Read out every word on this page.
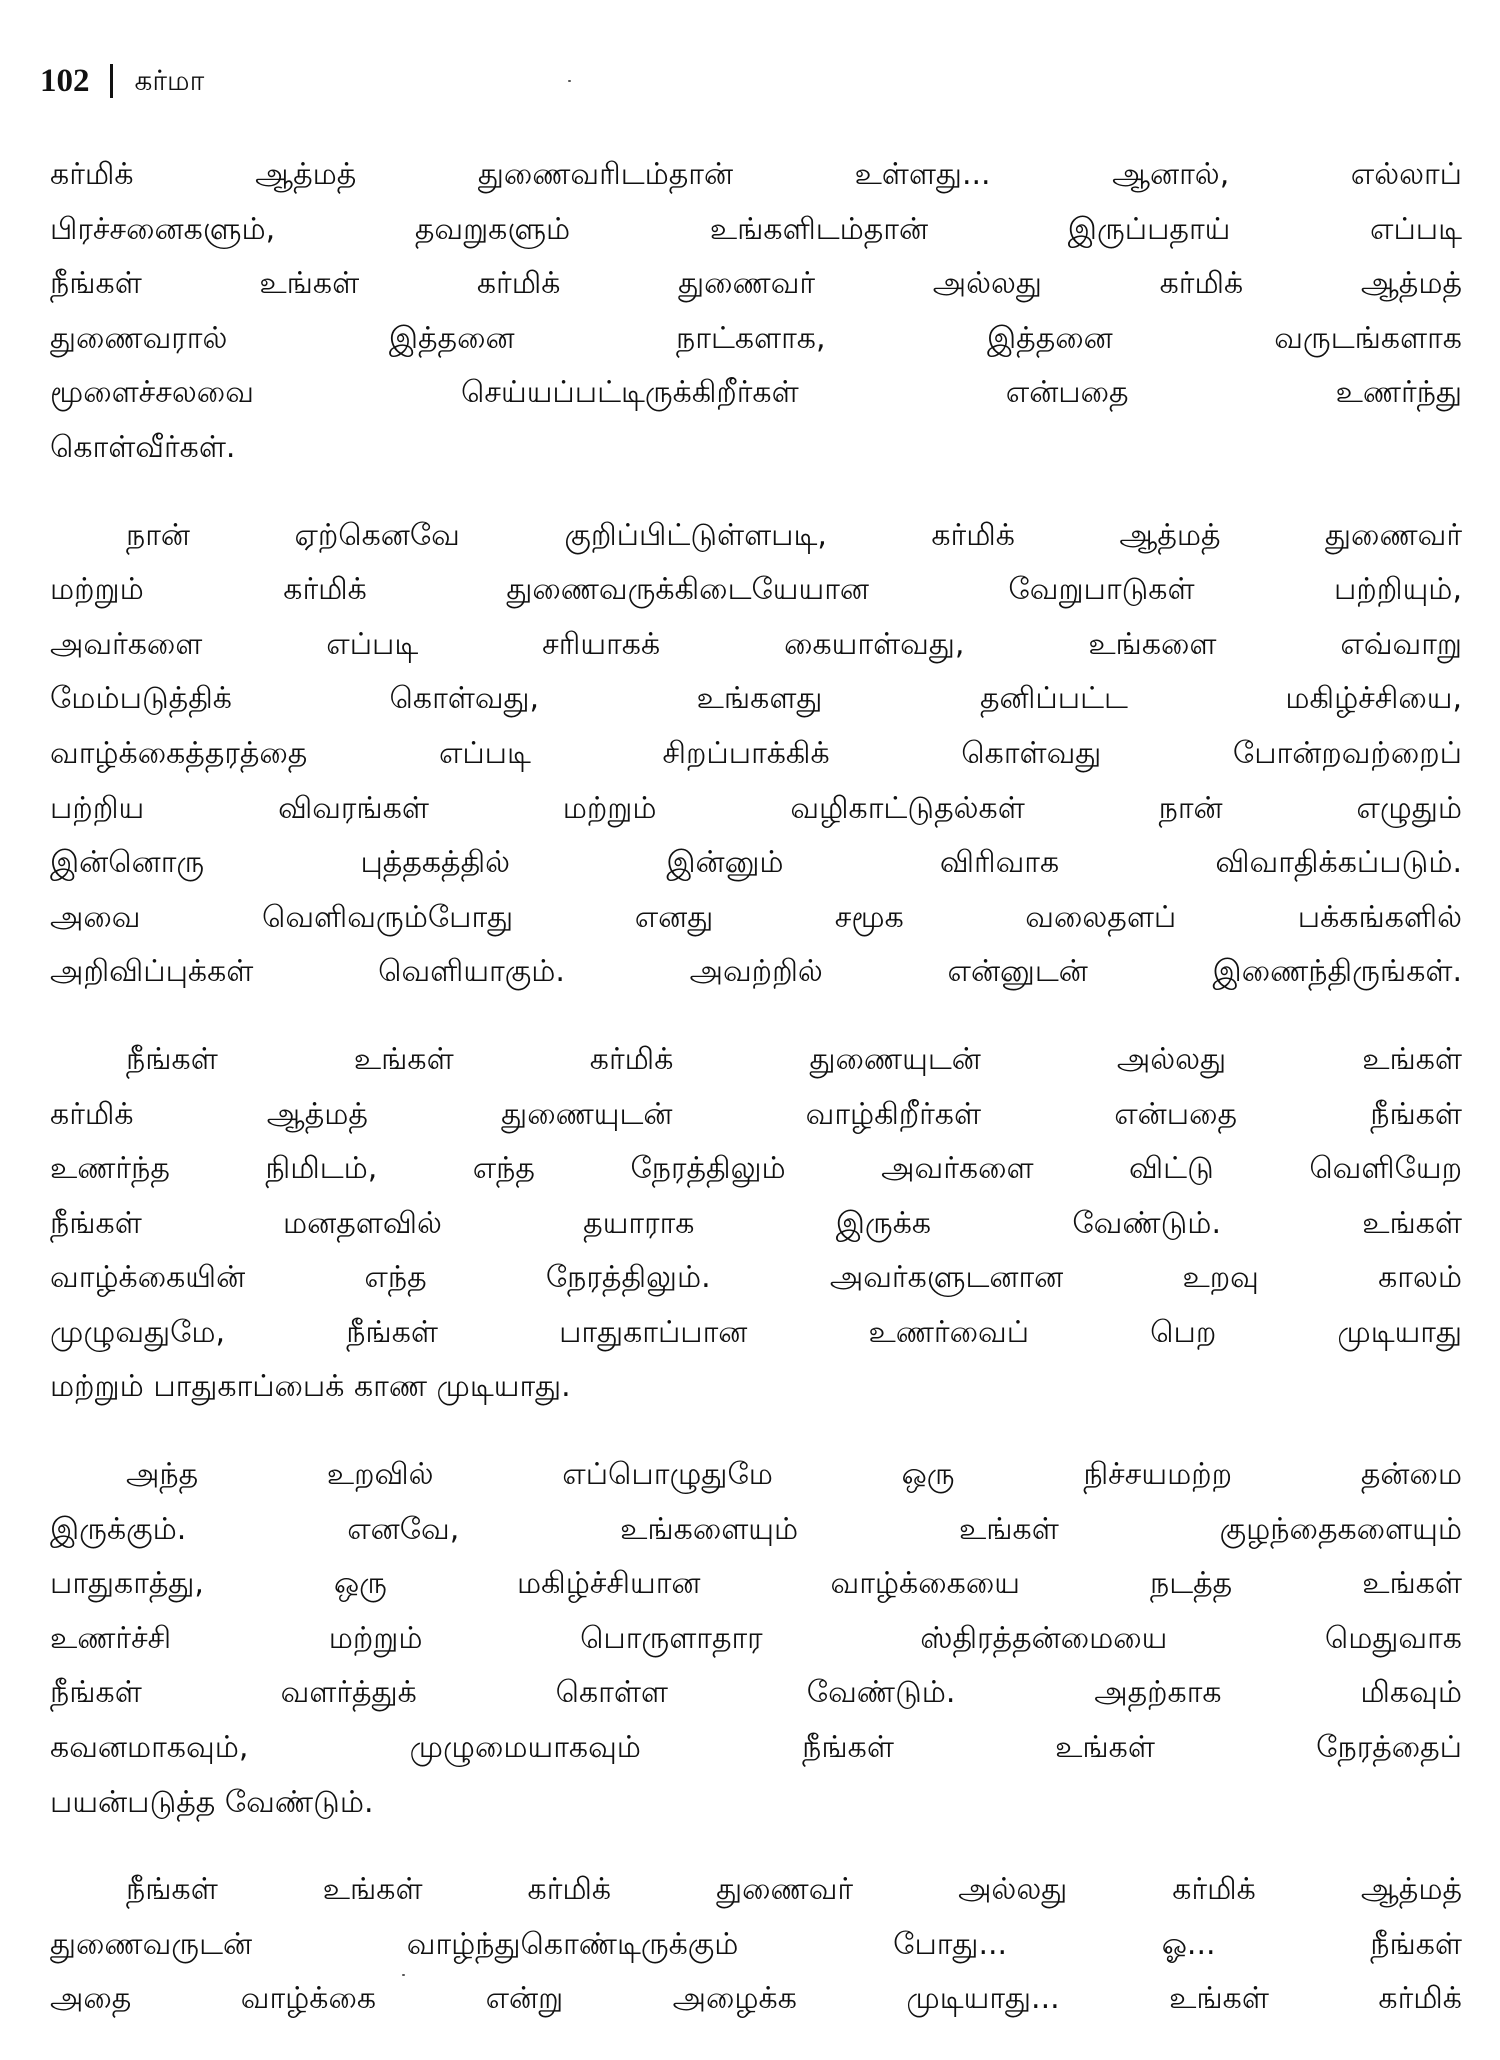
102 கர்மா
கர்மிக் ஆத்மத் துணைவரிடம்தான் உள்ளது... ஆனால், எல்லாப்
பிரச்சனைகளும், தவறுகளும் உங்களிடம்தான் இருப்பதாய் எப்படி
நீங்கள் உங்கள் கர்மிக் துணைவர் அல்லது கர்மிக் ஆத்மத்
துணைவரால் இத்தனை நாட்களாக, இத்தனை வருடங்களாக
மூளைச்சலவை செய்யப்பட்டிருக்கிறீர்கள் என்பதை உணர்ந்து
கொள்வீர்கள்.
நான் ஏற்கெனவே குறிப்பிட்டுள்ளபடி, கர்மிக் ஆத்மத் துணைவர்
மற்றும் கர்மிக் துணைவருக்கிடையேயான வேறுபாடுகள் பற்றியும்,
அவர்களை எப்படி சரியாகக் கையாள்வது, உங்களை எவ்வாறு
மேம்படுத்திக் கொள்வது, உங்களது தனிப்பட்ட மகிழ்ச்சியை,
வாழ்க்கைத்தரத்தை எப்படி சிறப்பாக்கிக் கொள்வது போன்றவற்றைப்
பற்றிய விவரங்கள் மற்றும் வழிகாட்டுதல்கள் நான் எழுதும்
இன்னொரு புத்தகத்தில் இன்னும் விரிவாக விவாதிக்கப்படும்.
அவை வெளிவரும்போது எனது சமூக வலைதளப் பக்கங்களில்
அறிவிப்புக்கள் வெளியாகும். அவற்றில் என்னுடன் இணைந்திருங்கள்.
நீங்கள் உங்கள் கர்மிக் துணையுடன் அல்லது உங்கள்
கர்மிக் ஆத்மத் துணையுடன் வாழ்கிறீர்கள் என்பதை நீங்கள்
உணர்ந்த நிமிடம், எந்த நேரத்திலும் அவர்களை விட்டு வெளியேற
நீங்கள் மனதளவில் தயாராக இருக்க வேண்டும். உங்கள்
வாழ்க்கையின் எந்த நேரத்திலும். அவர்களுடனான உறவு காலம்
முழுவதுமே, நீங்கள் பாதுகாப்பான உணர்வைப் பெற முடியாது
மற்றும் பாதுகாப்பைக் காண முடியாது.
அந்த உறவில் எப்பொழுதுமே ஒரு நிச்சயமற்ற தன்மை
இருக்கும். எனவே, உங்களையும் உங்கள் குழந்தைகளையும்
பாதுகாத்து, ஒரு மகிழ்ச்சியான வாழ்க்கையை நடத்த உங்கள்
உணர்ச்சி மற்றும் பொருளாதார ஸ்திரத்தன்மையை மெதுவாக
நீங்கள் வளர்த்துக் கொள்ள வேண்டும். அதற்காக மிகவும்
கவனமாகவும், முழுமையாகவும் நீங்கள் உங்கள் நேரத்தைப்
பயன்படுத்த வேண்டும்.
நீங்கள் உங்கள் கர்மிக் துணைவர் அல்லது கர்மிக் ஆத்மத்
துணைவருடன் வாழ்ந்துகொண்டிருக்கும் போது... ஓ... நீங்கள்
அதை வாழ்க்கை என்று அழைக்க முடியாது... உங்கள் கர்மிக்
